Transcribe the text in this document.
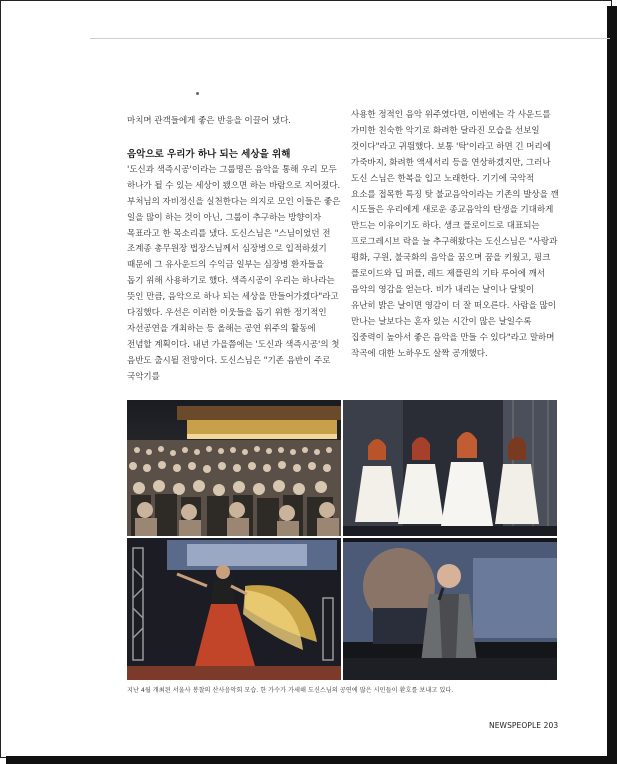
마치며 관객들에게 좋은 반응을 이끌어 냈다.

음악으로 우리가 하나 되는 세상을 위해

'도신과 색즉시공'이라는 그룹명은 음악을 통해 우리 모두 하나가 될 수 있는 세상이 됐으면 하는 바람으로 지어졌다. 부처님의 자비정신을 실천한다는 의지로 모인 이들은 좋은 일을 많이 하는 것이 아닌, 그룹이 추구하는 방향이자 목표라고 한 목소리를 냈다. 도신스님은 "스님이었던 전 조계종 총무원장 법장스님께서 심장병으로 입적하셨기 때문에 그 유사운드의 수익금 일부는 심장병 환자들을 돕기 위해 사용하기로 했다. 색즉시공이 우리는 하나라는 뜻인 만큼, 음악으로 하나 되는 세상을 만들어가겠다"라고 다짐했다. 우선은 이러한 이웃들을 돕기 위한 정기적인 자선공연을 개최하는 등 올해는 공연 위주의 활동에 전념할 계획이다. 내년 가을쯤에는 '도신과 색즉시공'의 첫 음반도 출시될 전망이다. 도신스님은 "기존 음반이 주로 국악기를

사용한 정적인 음악 위주였다면, 이번에는 각 사운드를 가미한 친숙한 악기로 화려한 달라진 모습을 선보일 것이다"라고 귀띔했다. 보통 '탁'이라고 하면 긴 머리에 가죽바지, 화려한 액세서리 등을 연상하겠지만, 그러나 도신 스님은 한복을 입고 노래한다. 기기에 국악적 요소를 접목한 특징 탓 불교음악이라는 기존의 발상을 깬 시도들은 우리에게 새로운 종교음악의 탄생을 기대하게 만드는 이유이기도 하다. 생크 플로이드로 대표되는 프로그레시브 락을 늘 추구해왔다는 도신스님은 "사랑과 평화, 구원, 불국화의 음악을 꿈으며 꿈을 키웠고, 핑크 플로이드와 딥 퍼플, 레드 제플린의 기타 루어에 깨서 음악의 영감을 얻는다. 비가 내리는 날이나 달빛이 유난히 밝은 날이면 영감이 더 잘 떠오른다. 사람을 많이 만나는 날보다는 혼자 있는 시간이 많은 날일수록 집중력이 높아서 좋은 음악을 만들 수 있다"라고 말하며 작곡에 대한 노하우도 살짝 공개했다.

지난 4월 개최된 서울사 봉찰의 산사음악회 모습. 한 가수가 가세해 도신스님의 공연에 많은 시민들이 환호를 보내고 있다.
NEWSPEOPLE 203
